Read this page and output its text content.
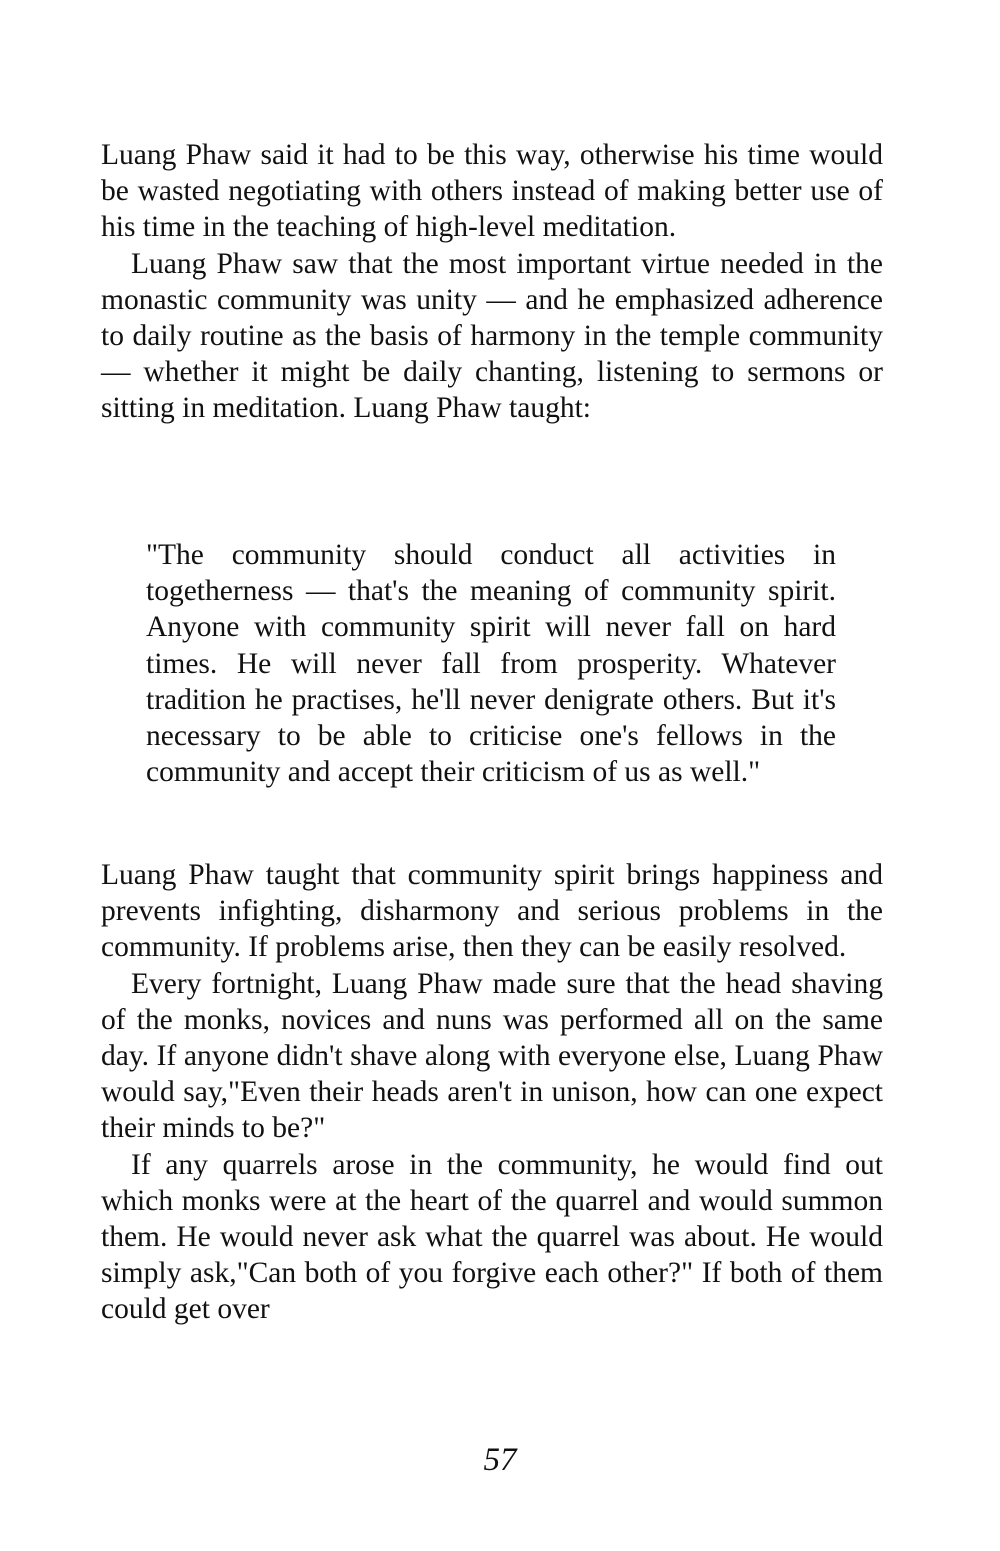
Luang Phaw said it had to be this way, otherwise his time would be wasted negotiating with others instead of making better use of his time in the teaching of high-level meditation.

Luang Phaw saw that the most important virtue needed in the monastic community was unity — and he emphasized adherence to daily routine as the basis of harmony in the temple community — whether it might be daily chanting, listening to sermons or sitting in meditation. Luang Phaw taught:

"The community should conduct all activities in togetherness — that's the meaning of community spirit. Anyone with community spirit will never fall on hard times. He will never fall from prosperity. Whatever tradition he practises, he'll never denigrate others. But it's necessary to be able to criticise one's fellows in the community and accept their criticism of us as well."

Luang Phaw taught that community spirit brings happiness and prevents infighting, disharmony and serious problems in the community. If problems arise, then they can be easily resolved.

Every fortnight, Luang Phaw made sure that the head shaving of the monks, novices and nuns was performed all on the same day. If anyone didn't shave along with everyone else, Luang Phaw would say,"Even their heads aren't in unison, how can one expect their minds to be?"

If any quarrels arose in the community, he would find out which monks were at the heart of the quarrel and would summon them. He would never ask what the quarrel was about. He would simply ask,"Can both of you forgive each other?" If both of them could get over

57
